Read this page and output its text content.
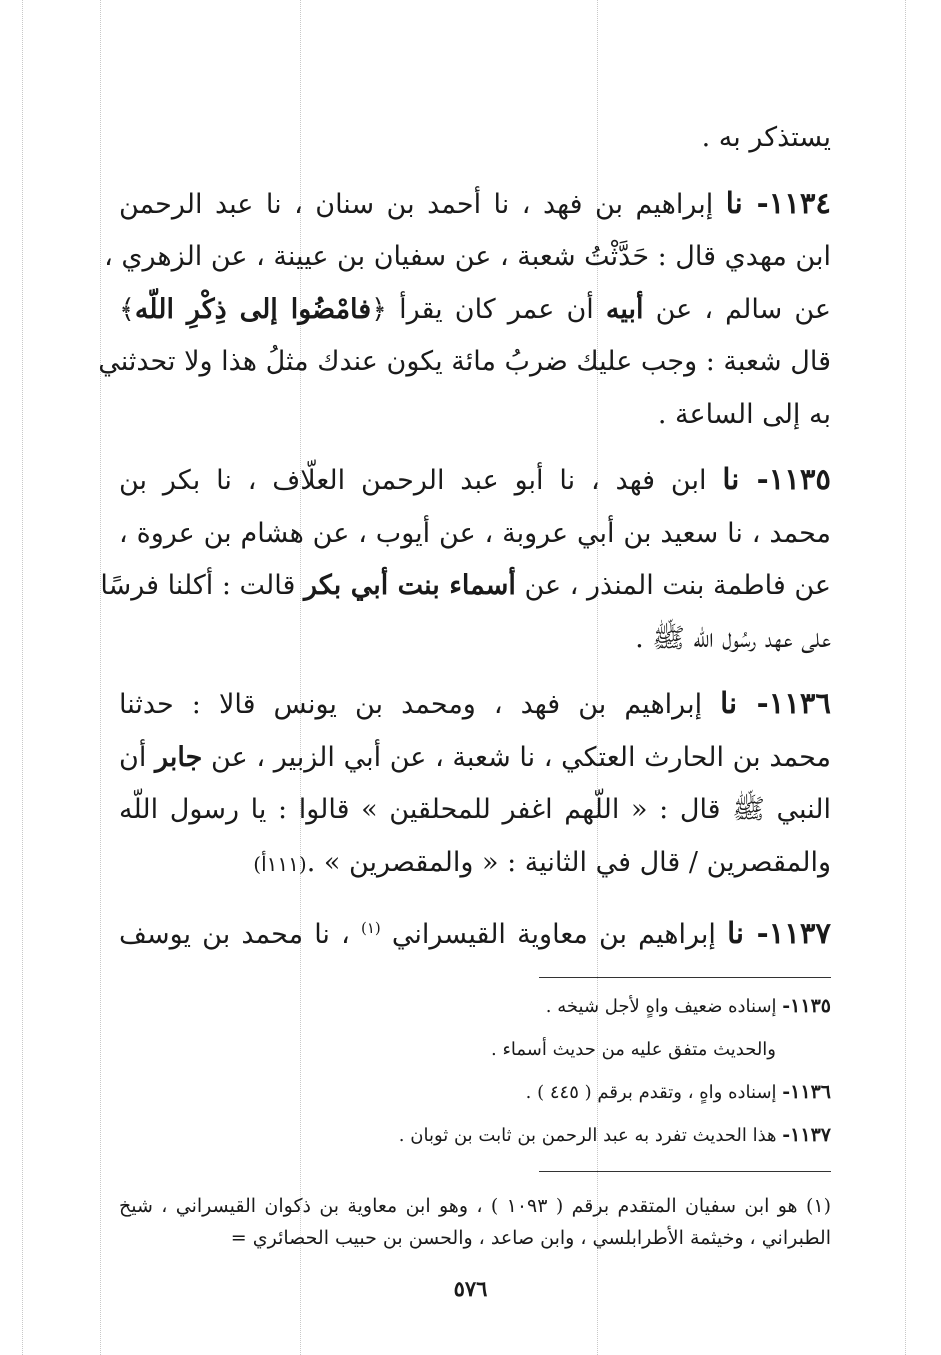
يستذكر به .
١١٣٤- نا إبراهيم بن فهد ، نا أحمد بن سنان ، نا عبد الرحمن
ابن مهدي قال : حَدَّثْتُ شعبة ، عن سفيان بن عيينة ، عن الزهري ،
عن سالم ، عن أبيه أن عمر كان يقرأ ﴿فامْضُوا إلى ذِكْرِ اللّه﴾
قال شعبة : وجب عليك ضربُ مائة يكون عندك مثلُ هذا ولا تحدثني
به إلى الساعة .
١١٣٥- نا ابن فهد ، نا أبو عبد الرحمن العلّاف ، نا بكر بن
محمد ، نا سعيد بن أبي عروبة ، عن أيوب ، عن هشام بن عروة ،
عن فاطمة بنت المنذر ، عن أسماء بنت أبي بكر قالت : أكلنا فرسًا
على عهد رسُول اللّه ﷺ .
١١٣٦- نا إبراهيم بن فهد ، ومحمد بن يونس قالا : حدثنا
محمد بن الحارث العتكي ، نا شعبة ، عن أبي الزبير ، عن جابر أن
النبي ﷺ قال : « اللّهم اغفر للمحلقين » قالوا : يا رسول اللّه
والمقصرين / قال في الثانية : « والمقصرين » .(١١١أ)
١١٣٧- نا إبراهيم بن معاوية القيسراني $^{(١)}$ ، نا محمد بن يوسف
١١٣٥- إسناده ضعيف واهٍ لأجل شيخه .
والحديث متفق عليه من حديث أسماء .
١١٣٦- إسناده واهٍ ، وتقدم برقم ( ٤٤٥ ) .
١١٣٧- هذا الحديث تفرد به عبد الرحمن بن ثابت بن ثوبان .
(١) هو ابن سفيان المتقدم برقم ( ١٠٩٣ ) ، وهو ابن معاوية بن ذكوان القيسراني ، شيخ
الطبراني ، وخيثمة الأطرابلسي ، وابن صاعد ، والحسن بن حبيب الحصائري =
٥٧٦
